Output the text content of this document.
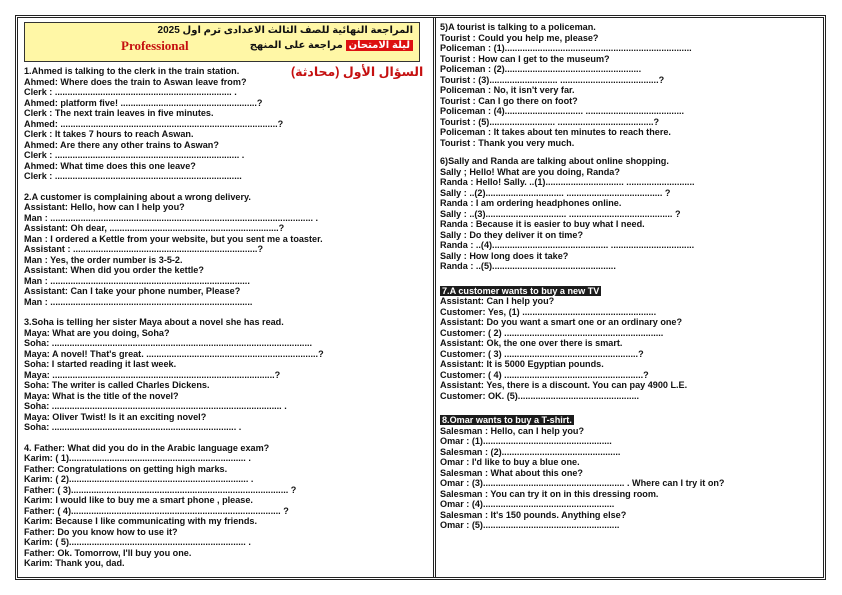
المراجعة النهائية للصف الثالث الاعدادى ترم اول 2025
ليلة الامتحان مراجعة على المنهج
Professional
1.Ahmed is talking to the clerk in the train station.
Ahmed: Where does the train to Aswan leave from?
Clerk : ...................................................................... .
Ahmed: platform five! ......................................................?
Clerk : The next train leaves in five minutes.
Ahmed: ......................................................................................?
Clerk : It takes 7 hours to reach Aswan.
Ahmed: Are there any other trains to Aswan?
Clerk : ......................................................................... .
Ahmed: What time does this one leave?
Clerk : ..........................................................................
2.A customer is complaining about a wrong delivery.
Assistant: Hello, how can I help you?
Man : ........................................................................................................ .
Assistant: Oh dear, ...................................................................?
Man : I ordered a Kettle from your website, but you sent me a toaster.
Assistant : .........................................................................?
Man : Yes, the order number is 3-5-2.
Assistant: When did you order the kettle?
Man : ...............................................................................
Assistant: Can I take your phone number, Please?
Man : ................................................................................
3.Soha is telling her sister Maya about a novel she has read.
Maya: What are you doing, Soha?
Soha: .......................................................................................................
Maya: A novel! That's great. ....................................................................?
Soha: I started reading it last week.
Maya: ........................................................................................?
Soha: The writer is called Charles Dickens.
Maya: What is the title of the novel?
Soha: ........................................................................................... .
Maya: Oliver Twist! Is it an exciting novel?
Soha: ......................................................................... .
4. Father: What did you do in the Arabic language exam?
Karim: ( 1)...................................................................... .
Father: Congratulations on getting high marks.
Karim: ( 2)....................................................................... .
Father: ( 3)...................................................................................... ?
Karim: I would like to buy me a smart phone , please.
Father: ( 4)................................................................................... ?
Karim: Because I like communicating with my friends.
Father: Do you know how to use it?
Karim: ( 5)...................................................................... .
Father: Ok. Tomorrow, I'll buy you one.
Karim: Thank you, dad.
السؤال الأول (محادثة)
5)A tourist is talking to a policeman.
Tourist : Could you help me, please?
Policeman : (1)..........................................................................
Tourist : How can I get to the museum?
Policeman : (2)......................................................
Tourist : (3)........................... .......................................?
Policeman : No, it isn't very far.
Tourist : Can I go there on foot?
Policeman : (4)............................... .......................................
Tourist : (5).......................... ......................................?
Policeman : It takes about ten minutes to reach there.
Tourist : Thank you very much.
6)Sally and Randa are talking about online shopping.
Sally ; Hello! What are you doing, Randa?
Randa : Hello! Sally. ..(1)............................... ...........................
Sally : ..(2)............................... ...................................... ?
Randa : I am ordering headphones online.
Sally : ..(3)................................ ......................................... ?
Randa : Because it is easier to buy what I need.
Sally : Do they deliver it on time?
Randa : ..(4).............................................. .................................
Sally : How long does it take?
Randa : ..(5).................................................
7.A customer wants to buy a new TV
Assistant: Can I help you?
Customer: Yes, (1) .....................................................
Assistant: Do you want a smart one or an ordinary one?
Customer: ( 2) ...............................................................
Assistant: Ok, the one over there is smart.
Customer: ( 3) .....................................................?
Assistant: It is 5000 Egyptian pounds.
Customer: ( 4) .......................................................?
Assistant: Yes, there is a discount. You can pay 4900 L.E.
Customer: OK. (5)................................................
8.Omar wants to buy a T-shirt.
Salesman : Hello, can I help you?
Omar : (1)...................................................
Salesman : (2)...............................................
Omar : I'd like to buy a blue one.
Salesman : What about this one?
Omar : (3)........................................................ . Where can I try it on?
Salesman : You can try it on in this dressing room.
Omar : (4)....................................................
Salesman : It's 150 pounds. Anything else?
Omar : (5)......................................................
